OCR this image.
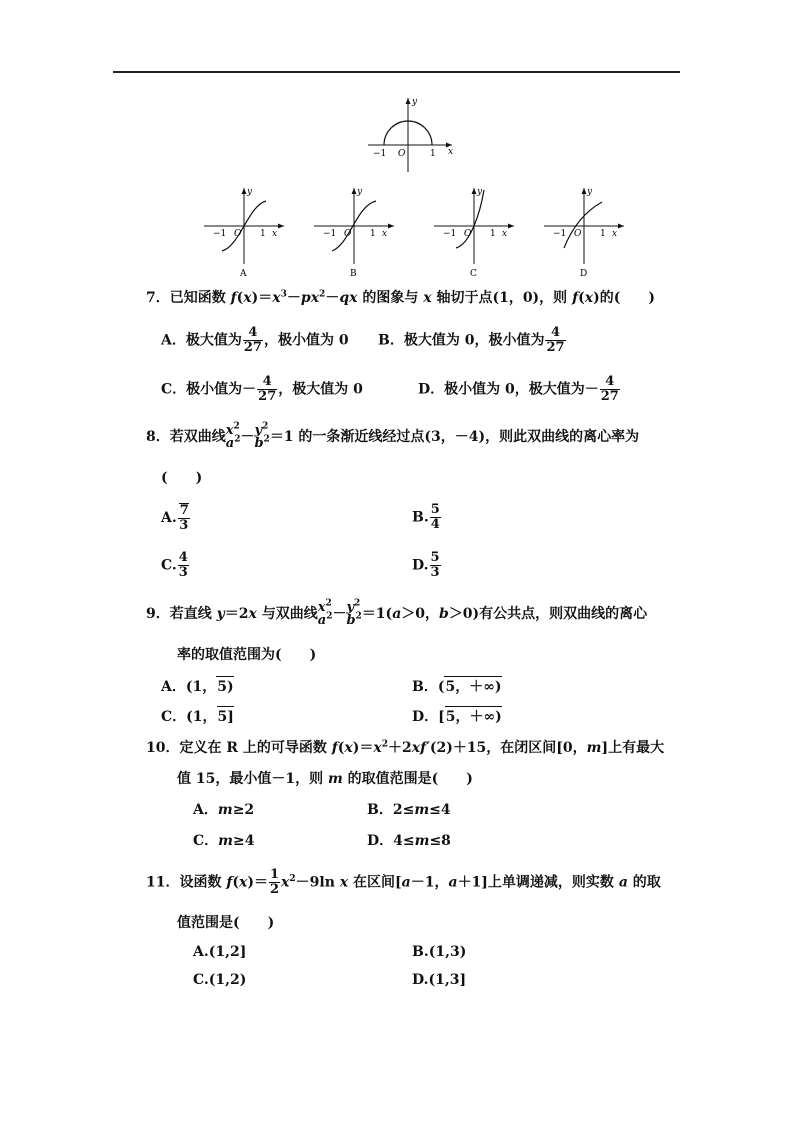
y
x
O
−1	1
y
x
O
−1	1
A
y
x
O
−1	1
B
y
x
O
−1	1
C
y
x
O
−1	1
D
7．已知函数 $f(x)=x^3-px^2-qx$ 的图象与 x 轴切于点(1，0)，则 f(x)的(　　)
A．极大值为 $\frac{4}{27}$ ，极小值为 0 B．极大值为 0，极小值为 $\frac{4}{27}$
C．极小值为－ $\frac{4}{27}$ ，极大值为 0	D．极小值为 0，极大值为－ $\frac{4}{27}$
8．若双曲线 $x^2$
$a^2 - y^2$
$b^2 =1$ 的一条渐近线经过点(3，－4)，则此双曲线的离心率为
(　　)
A. $\frac{7}{3}$	B. $\frac{5}{4}$
C. $\frac{4}{3}$	D. $\frac{5}{3}$
9．若直线 y＝2x 与双曲线 $x^2$
$a^2 - y^2$
$b^2 =1(a>0$，b＞0)有公共点，则双曲线的离心
率的取值范围为(　　)
A．(1，5)	B．(5，＋∞)
C．(1，5]	D．[5，＋∞)
10．定义在 R 上的可导函数 $f(x)=x^2+2xf'(2)+15$，在闭区间[0，m]上有最大
值 15，最小值－1，则 m 的取值范围是(　　)
A．m≥2	B．2≤m≤4
C．m≥4	D．4≤m≤8
11．设函数 $f(x)= \frac{1}{2} x^2-9\ln$ x 在区间[a－1，a＋1]上单调递减，则实数 a 的取
值范围是(　　)
A.(1,2]	B.(1,3)
C.(1,2)	D.(1,3]
